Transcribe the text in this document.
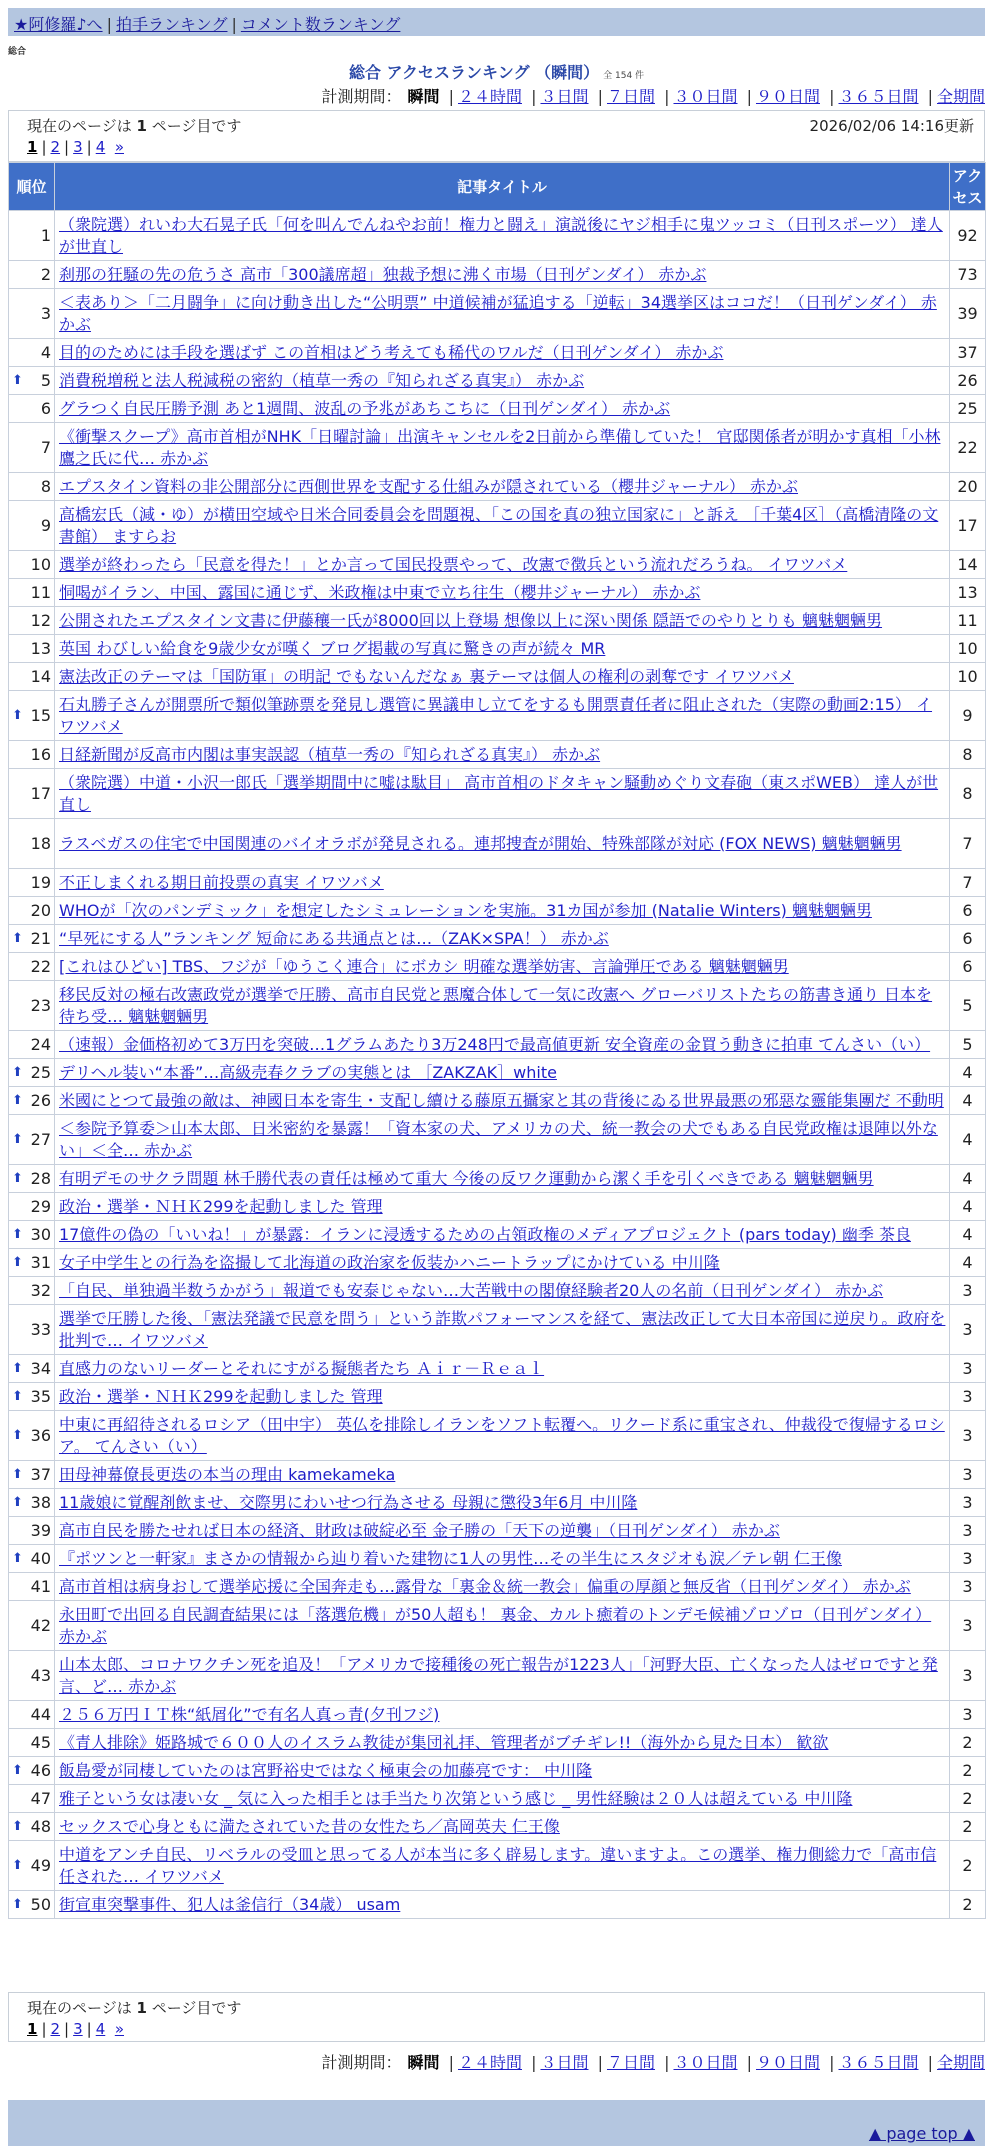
★阿修羅♪へ | 拍手ランキング | コメント数ランキング
総合
総合 アクセスランキング （瞬間） 全 154 件
計測期間： 瞬間 | ２４時間 | ３日間 | ７日間 | ３０日間 | ９０日間 | ３６５日間 | 全期間
現在のページは 1 ページ目です	2026/02/06 14:16更新
1 | 2 | 3 | 4
»
順位	記事タイトル	アクセス
1	（衆院選）れいわ大石晃子氏「何を叫んでんねやお前！権力と闘え」演説後にヤジ相手に鬼ツッコミ（日刊スポーツ） 達人が世直し	92
2	刹那の狂騒の先の危うさ 高市「300議席超」独裁予想に沸く市場（日刊ゲンダイ） 赤かぶ	73
3	＜表あり＞「二月闘争」に向け動き出した“公明票” 中道候補が猛追する「逆転」34選挙区はココだ！（日刊ゲンダイ） 赤かぶ	39
4	目的のためには手段を選ばず この首相はどう考えても稀代のワルだ（日刊ゲンダイ） 赤かぶ	37

⬆ 5	消費税増税と法人税減税の密約（植草一秀の『知られざる真実』） 赤かぶ	26
6	グラつく自民圧勝予測 あと1週間、波乱の予兆があちこちに（日刊ゲンダイ） 赤かぶ	25
7	《衝撃スクープ》高市首相がNHK「日曜討論」出演キャンセルを2日前から準備していた！ 官邸関係者が明かす真相「小林鷹之氏に代… 赤かぶ	22
8	エプスタイン資料の非公開部分に西側世界を支配する仕組みが隠されている（櫻井ジャーナル） 赤かぶ	20
9	高橋宏氏（減・ゆ）が横田空域や日米合同委員会を問題視、「この国を真の独立国家に」と訴え ［千葉4区］（高橋清隆の文書館） ますらお	17
10	選挙が終わったら「民意を得た！」とか言って国民投票やって、改憲で徴兵という流れだろうね。 イワツバメ	14
11	恫喝がイラン、中国、露国に通じず、米政権は中東で立ち往生（櫻井ジャーナル） 赤かぶ	13
12	公開されたエプスタイン文書に伊藤穰一氏が8000回以上登場 想像以上に深い関係 隠語でのやりとりも 魑魅魍魎男	11
13	英国 わびしい給食を9歳少女が嘆く ブログ掲載の写真に驚きの声が続々 MR	10
14	憲法改正のテーマは「国防軍」の明記 でもないんだなぁ 裏テーマは個人の権利の剥奪です イワツバメ	10

⬆ 15	石丸勝子さんが開票所で類似筆跡票を発見し選管に異議申し立てをするも開票責任者に阻止された（実際の動画2:15） イワツバメ	9
16	日経新聞が反高市内閣は事実誤認（植草一秀の『知られざる真実』） 赤かぶ	8
17	（衆院選）中道・小沢一郎氏「選挙期間中に嘘は駄目」 高市首相のドタキャン騒動めぐり文春砲（東スポWEB） 達人が世直し	8
18	ラスベガスの住宅で中国関連のバイオラボが発見される。連邦捜査が開始、特殊部隊が対応 (FOX NEWS) 魑魅魍魎男	7
19	不正しまくれる期日前投票の真実 イワツバメ	7
20	WHOが「次のパンデミック」を想定したシミュレーションを実施。31カ国が参加 (Natalie Winters) 魑魅魍魎男	6

⬆ 21	“早死にする人”ランキング 短命にある共通点とは…（ZAK×SPA！） 赤かぶ	6
22	[これはひどい] TBS、フジが「ゆうこく連合」にボカシ 明確な選挙妨害、言論弾圧である 魑魅魍魎男	6
23	移民反対の極右改憲政党が選挙で圧勝、高市自民党と悪魔合体して一気に改憲へ グローバリストたちの筋書き通り 日本を待ち受… 魑魅魍魎男	5
24	（速報）金価格初めて3万円を突破…1グラムあたり3万248円で最高値更新 安全資産の金買う動きに拍車 てんさい（い）	5

⬆ 25	デリヘル装い“本番”…高級売春クラブの実態とは ［ZAKZAK］white	4

⬆ 26	米國にとつて最強の敵は、神國日本を寄生・支配し續ける藤原五攝家と其の背後にゐる世界最悪の邪惡な靈能集團だ 不動明	4

⬆ 27	＜参院予算委＞山本太郎、日米密約を暴露！「資本家の犬、アメリカの犬、統一教会の犬でもある自民党政権は退陣以外ない」＜全… 赤かぶ	4

⬆ 28	有明デモのサクラ問題 林千勝代表の責任は極めて重大 今後の反ワク運動から潔く手を引くべきである 魑魅魍魎男	4
29	政治・選挙・ＮＨＫ299を起動しました 管理	4

⬆ 30	17億件の偽の「いいね！」が暴露：イランに浸透するための占領政権のメディアプロジェクト (pars today) 幽季 茶良	4

⬆ 31	女子中学生との行為を盗撮して北海道の政治家を仮装かハニートラップにかけている 中川隆	4
32	「自民、単独過半数うかがう」報道でも安泰じゃない…大苦戦中の閣僚経験者20人の名前（日刊ゲンダイ） 赤かぶ	3
33	選挙で圧勝した後、「憲法発議で民意を問う」という詐欺パフォーマンスを経て、憲法改正して大日本帝国に逆戻り。政府を批判で… イワツバメ	3

⬆ 34	直感力のないリーダーとそれにすがる擬態者たち Ａｉｒ－Ｒｅａｌ	3

⬆ 35	政治・選挙・ＮＨＫ299を起動しました 管理	3

⬆ 36	中東に再紹待されるロシア（田中宇） 英仏を排除しイランをソフト転覆へ。リクード系に重宝され、仲裁役で復帰するロシア。 てんさい（い）	3

⬆ 37	田母神幕僚長更迭の本当の理由 kamekameka	3

⬆ 38	11歳娘に覚醒剤飲ませ、交際男にわいせつ行為させる 母親に懲役3年6月 中川隆	3
39	高市自民を勝たせれば日本の経済、財政は破綻必至 金子勝の「天下の逆襲」（日刊ゲンダイ） 赤かぶ	3

⬆ 40	『ポツンと一軒家』まさかの情報から辿り着いた建物に1人の男性…その半生にスタジオも涙／テレ朝 仁王像	3
41	高市首相は病身おして選挙応援に全国奔走も…露骨な「裏金＆統一教会」偏重の厚顔と無反省（日刊ゲンダイ） 赤かぶ	3
42	永田町で出回る自民調査結果には「落選危機」が50人超も！ 裏金、カルト癒着のトンデモ候補ゾロゾロ（日刊ゲンダイ） 赤かぶ	3
43	山本太郎、コロナワクチン死を追及！「アメリカで接種後の死亡報告が1223人」「河野大臣、亡くなった人はゼロですと発言、ど… 赤かぶ	3
44	２５６万円ＩＴ株“紙屑化”で有名人真っ青(夕刊フジ)	3
45	《青人排除》姫路城で６００人のイスラム教徒が集団礼拝、管理者がブチギレ!!（海外から見た日本） 歓欲	2

⬆ 46	飯島愛が同棲していたのは宮野裕史ではなく極東会の加藤亮です： 中川隆	2
47	雅子という女は凄い女 _ 気に入った相手とは手当たり次第という感じ _ 男性経験は２０人は超えている 中川隆	2

⬆ 48	セックスで心身ともに満たされていた昔の女性たち／高岡英夫 仁王像	2

⬆ 49	中道をアンチ自民、リベラルの受皿と思ってる人が本当に多く辟易します。違いますよ。この選挙、権力側総力で「高市信任された… イワツバメ	2

⬆ 50	街宣車突撃事件、犯人は釜信行（34歳） usam	2
現在のページは 1 ページ目です
1 | 2 | 3 | 4
»
計測期間： 瞬間 | ２４時間 | ３日間 | ７日間 | ３０日間 | ９０日間 | ３６５日間 | 全期間
▲ page top ▲
